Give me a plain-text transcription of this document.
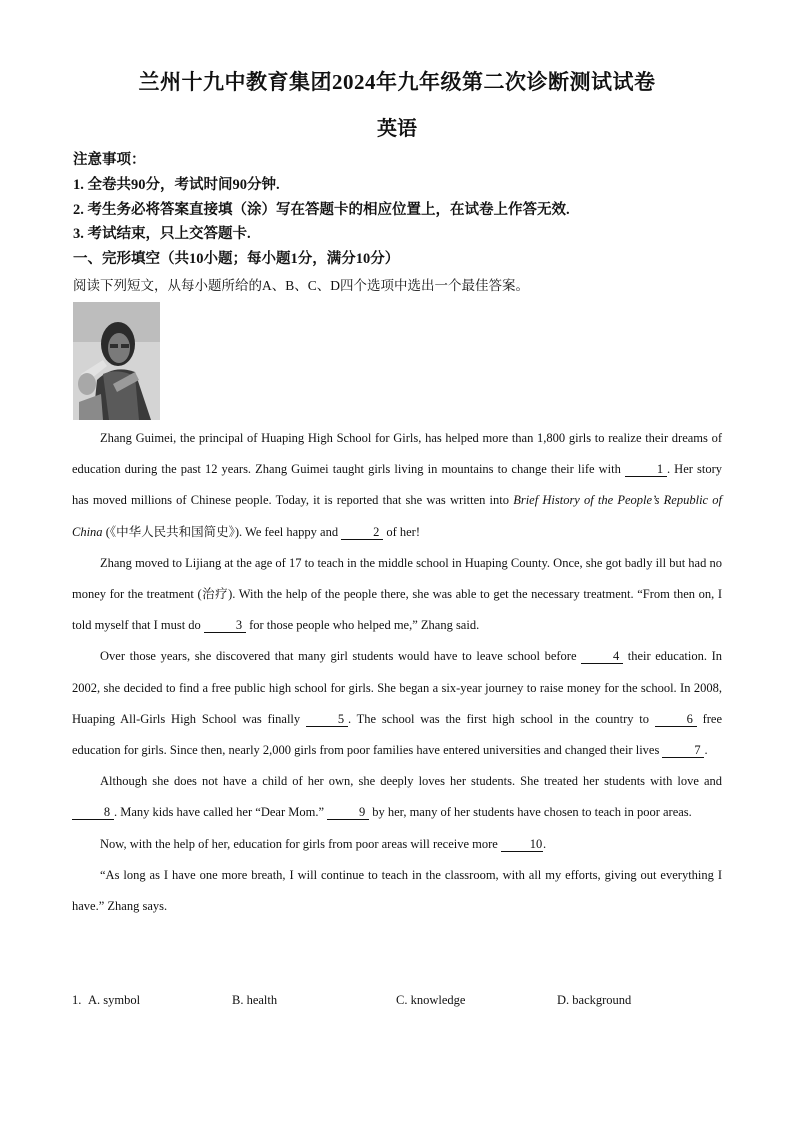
兰州十九中教育集团2024年九年级第二次诊断测试试卷
英语
注意事项：
1. 全卷共90分，考试时间90分钟.
2. 考生务必将答案直接填（涂）写在答题卡的相应位置上，在试卷上作答无效.
3. 考试结束，只上交答题卡.
一、完形填空（共10小题；每小题1分，满分10分）
阅读下列短文，从每小题所给的A、B、C、D四个选项中选出一个最佳答案。

Zhang Guimei, the principal of Huaping High School for Girls, has helped more than 1,800 girls to realize their dreams of education during the past 12 years. Zhang Guimei taught girls living in mountains to change their life with	1 . Her story has moved millions of Chinese people. Today, it is reported that she was written into Brief History of the People’s Republic of China (《中华人民共和国简史》). We feel happy and	2 of her!

Zhang moved to Lijiang at the age of 17 to teach in the middle school in Huaping County. Once, she got badly ill but had no money for the treatment (治疗). With the help of the people there, she was able to get the necessary treatment. “From then on, I told myself that I must do	3 for those people who helped me,” Zhang said.

Over those years, she discovered that many girl students would have to leave school before	4 their education. In 2002, she decided to find a free public high school for girls. She began a six-year journey to raise money for the school. In 2008, Huaping All-Girls High School was finally	5 . The school was the first high school in the country to	6 free education for girls. Since then, nearly 2,000 girls from poor families have entered universities and changed their lives	7 .

Although she does not have a child of her own, she deeply loves her students. She treated her students with love and 8 . Many kids have called her “Dear Mom.”	9 by her, many of her students have chosen to teach in poor areas.

Now, with the help of her, education for girls from poor areas will receive more 10.

“As long as I have one more breath, I will continue to teach in the classroom, with all my efforts, giving out everything I have.” Zhang says.

1. A. symbol	B. health	C. knowledge	D. background
